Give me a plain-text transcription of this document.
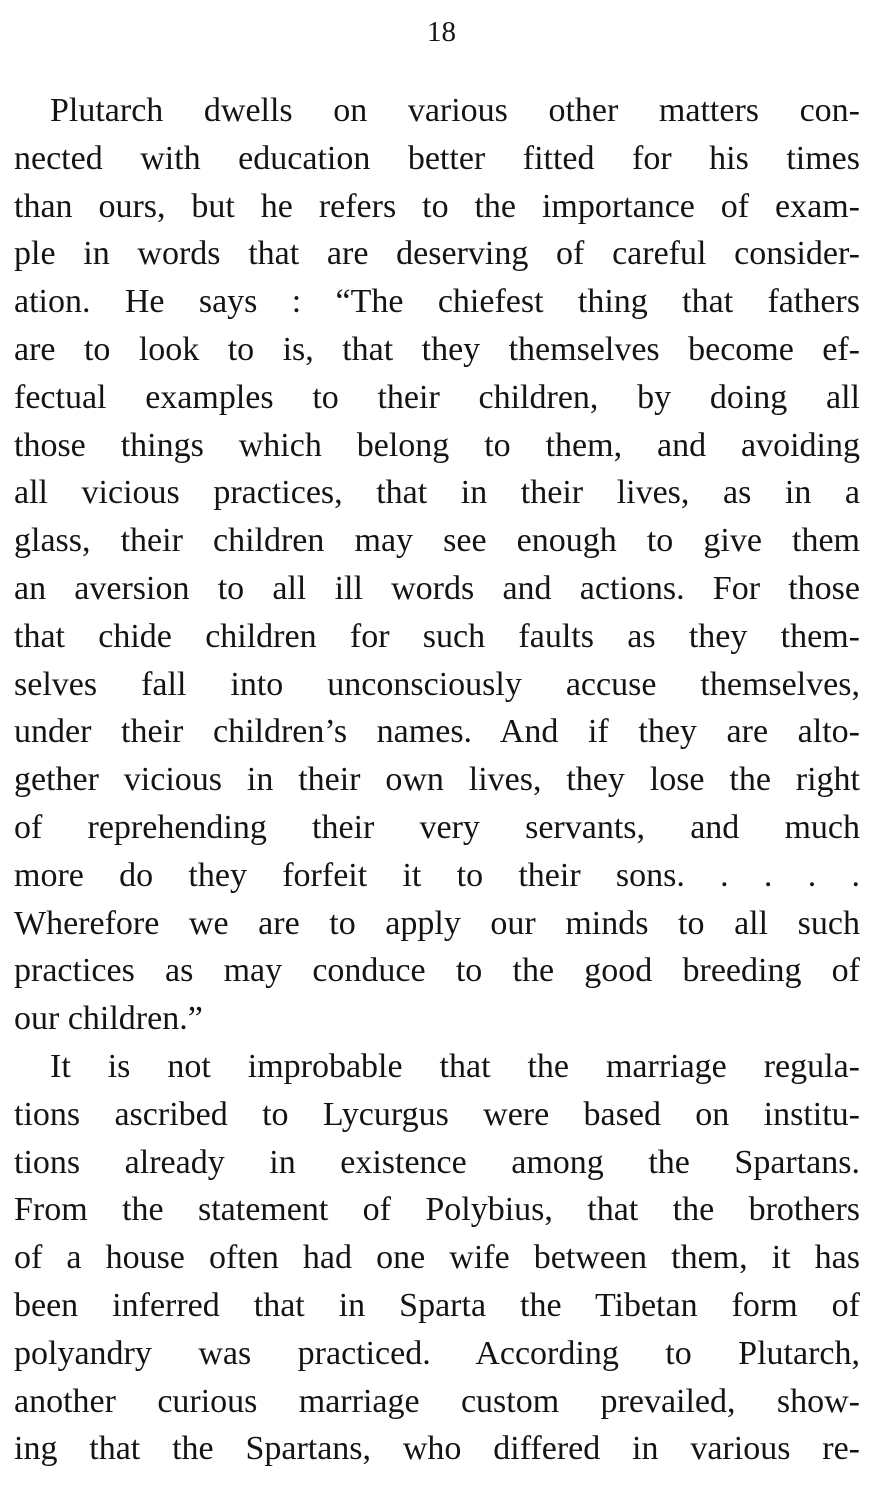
18
Plutarch dwells on various other matters con-
nected with education better fitted for his times
than ours, but he refers to the importance of exam-
ple in words that are deserving of careful consider-
ation. He says : “The chiefest thing that fathers
are to look to is, that they themselves become ef-
fectual examples to their children, by doing all
those things which belong to them, and avoiding
all vicious practices, that in their lives, as in a
glass, their children may see enough to give them
an aversion to all ill words and actions. For those
that chide children for such faults as they them-
selves fall into unconsciously accuse themselves,
under their children’s names. And if they are alto-
gether vicious in their own lives, they lose the right
of reprehending their very servants, and much
more do they forfeit it to their sons. . . . .
Wherefore we are to apply our minds to all such
practices as may conduce to the good breeding of
our children.”
It is not improbable that the marriage regula-
tions ascribed to Lycurgus were based on institu-
tions already in existence among the Spartans.
From the statement of Polybius, that the brothers
of a house often had one wife between them, it has
been inferred that in Sparta the Tibetan form of
polyandry was practiced. According to Plutarch,
another curious marriage custom prevailed, show-
ing that the Spartans, who differed in various re-
